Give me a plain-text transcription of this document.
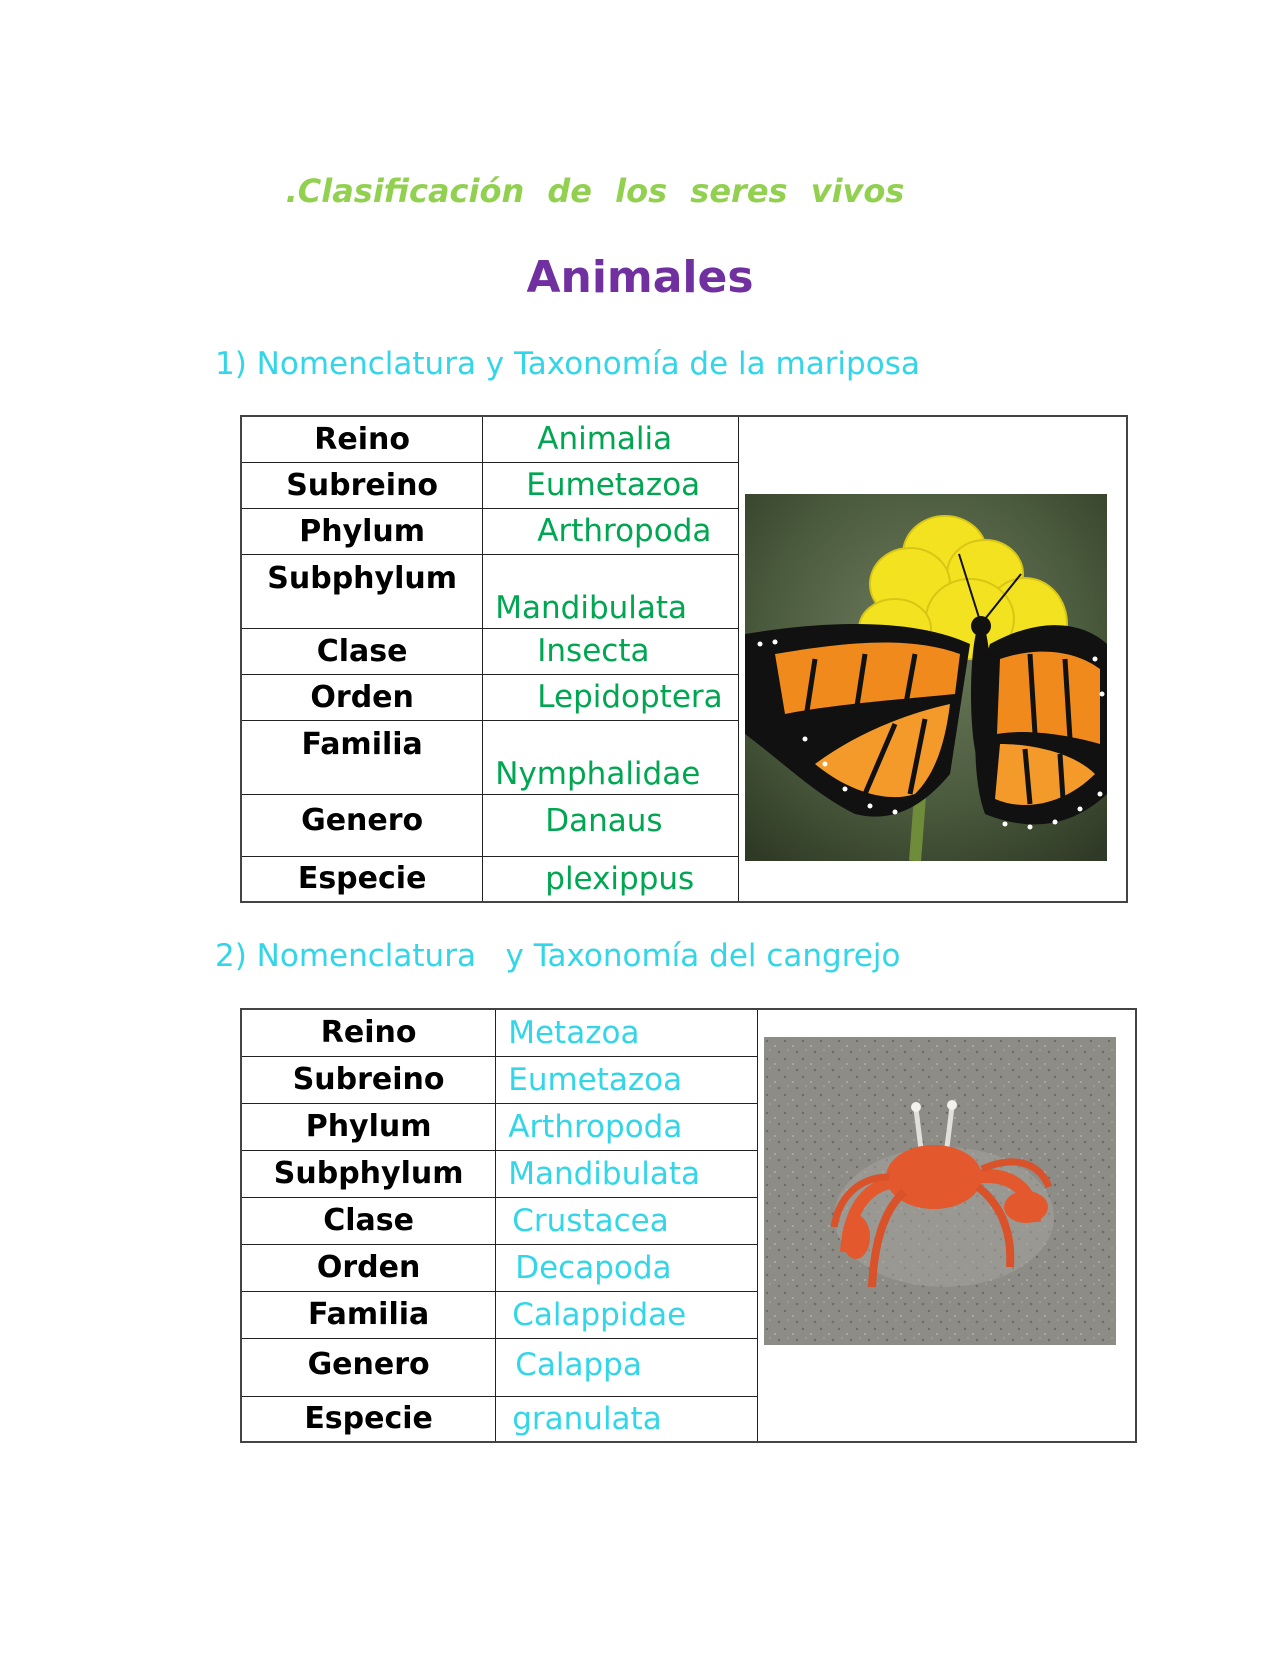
.Clasificación de los seres vivos
Animales

1) Nomenclatura y Taxonomía de la mariposa

Reino	Animalia	

Subreino	Eumetazoa	
Phylum	Arthropoda	
Subphylum	Mandibulata	
Clase	Insecta	
Orden	Lepidoptera	
Familia	Nymphalidae	
Genero	Danaus	
Especie	plexippus	

2) Nomenclatura   y Taxonomía del cangrejo

Reino	Metazoa	

Subreino	Eumetazoa	
Phylum	Arthropoda	
Subphylum	Mandibulata	
Clase	Crustacea	
Orden	Decapoda	
Familia	Calappidae	
Genero	Calappa	
Especie	granulata	
